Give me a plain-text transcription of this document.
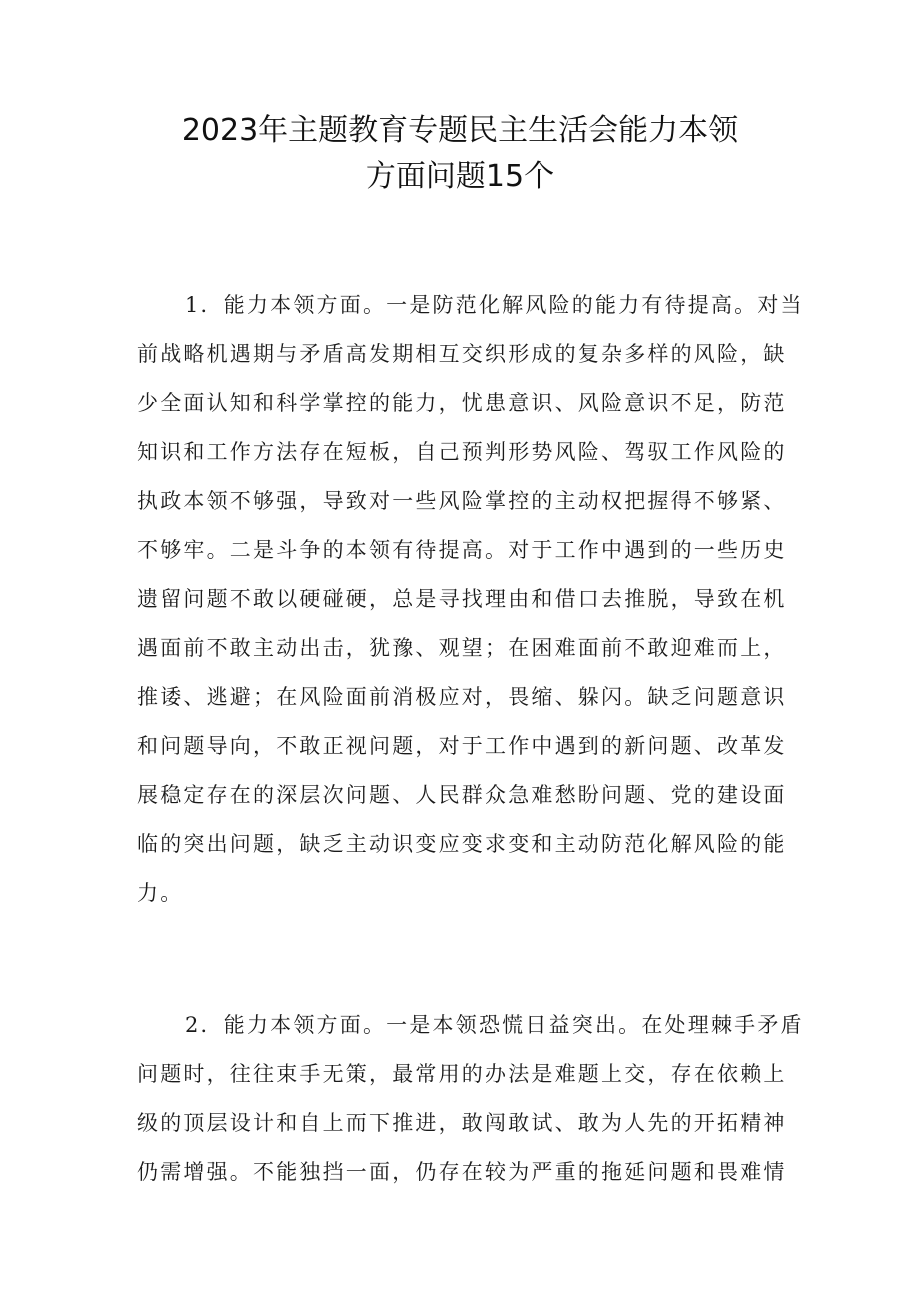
2023年主题教育专题民主生活会能力本领
方面问题15个
1．能力本领方面。一是防范化解风险的能力有待提高。对当
前战略机遇期与矛盾高发期相互交织形成的复杂多样的风险，缺
少全面认知和科学掌控的能力，忧患意识、风险意识不足，防范
知识和工作方法存在短板，自己预判形势风险、驾驭工作风险的
执政本领不够强，导致对一些风险掌控的主动权把握得不够紧、
不够牢。二是斗争的本领有待提高。对于工作中遇到的一些历史
遗留问题不敢以硬碰硬，总是寻找理由和借口去推脱，导致在机
遇面前不敢主动出击，犹豫、观望；在困难面前不敢迎难而上，
推诿、逃避；在风险面前消极应对，畏缩、躲闪。缺乏问题意识
和问题导向，不敢正视问题，对于工作中遇到的新问题、改革发
展稳定存在的深层次问题、人民群众急难愁盼问题、党的建设面
临的突出问题，缺乏主动识变应变求变和主动防范化解风险的能
力。
2．能力本领方面。一是本领恐慌日益突出。在处理棘手矛盾
问题时，往往束手无策，最常用的办法是难题上交，存在依赖上
级的顶层设计和自上而下推进，敢闯敢试、敢为人先的开拓精神
仍需增强。不能独挡一面，仍存在较为严重的拖延问题和畏难情
